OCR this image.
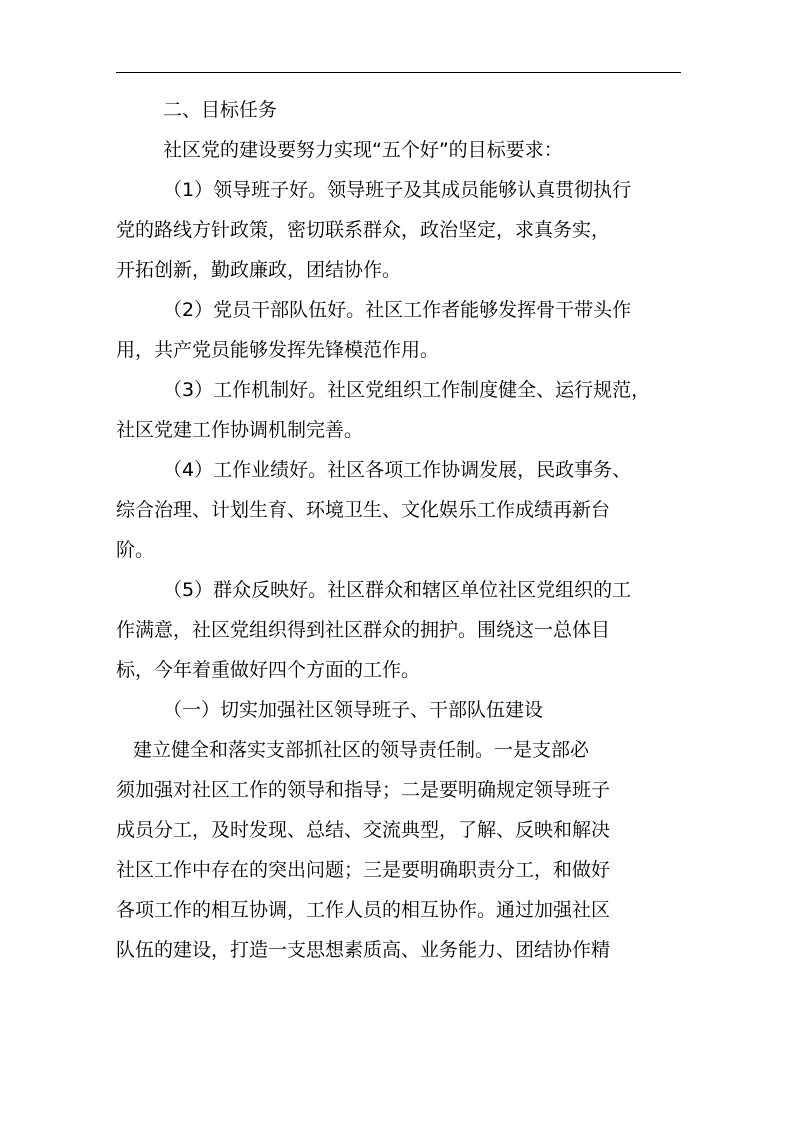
二、目标任务
社区党的建设要努力实现“五个好”的目标要求：
（1）领导班子好。领导班子及其成员能够认真贯彻执行
党的路线方针政策，密切联系群众，政治坚定，求真务实，
开拓创新，勤政廉政，团结协作。
（2）党员干部队伍好。社区工作者能够发挥骨干带头作
用，共产党员能够发挥先锋模范作用。
（3）工作机制好。社区党组织工作制度健全、运行规范，
社区党建工作协调机制完善。
（4）工作业绩好。社区各项工作协调发展，民政事务、
综合治理、计划生育、环境卫生、文化娱乐工作成绩再新台
阶。
（5）群众反映好。社区群众和辖区单位社区党组织的工
作满意，社区党组织得到社区群众的拥护。围绕这一总体目
标，今年着重做好四个方面的工作。
（一）切实加强社区领导班子、干部队伍建设
建立健全和落实支部抓社区的领导责任制。一是支部必
须加强对社区工作的领导和指导；二是要明确规定领导班子
成员分工，及时发现、总结、交流典型，了解、反映和解决
社区工作中存在的突出问题；三是要明确职责分工，和做好
各项工作的相互协调，工作人员的相互协作。通过加强社区
队伍的建设，打造一支思想素质高、业务能力、团结协作精
